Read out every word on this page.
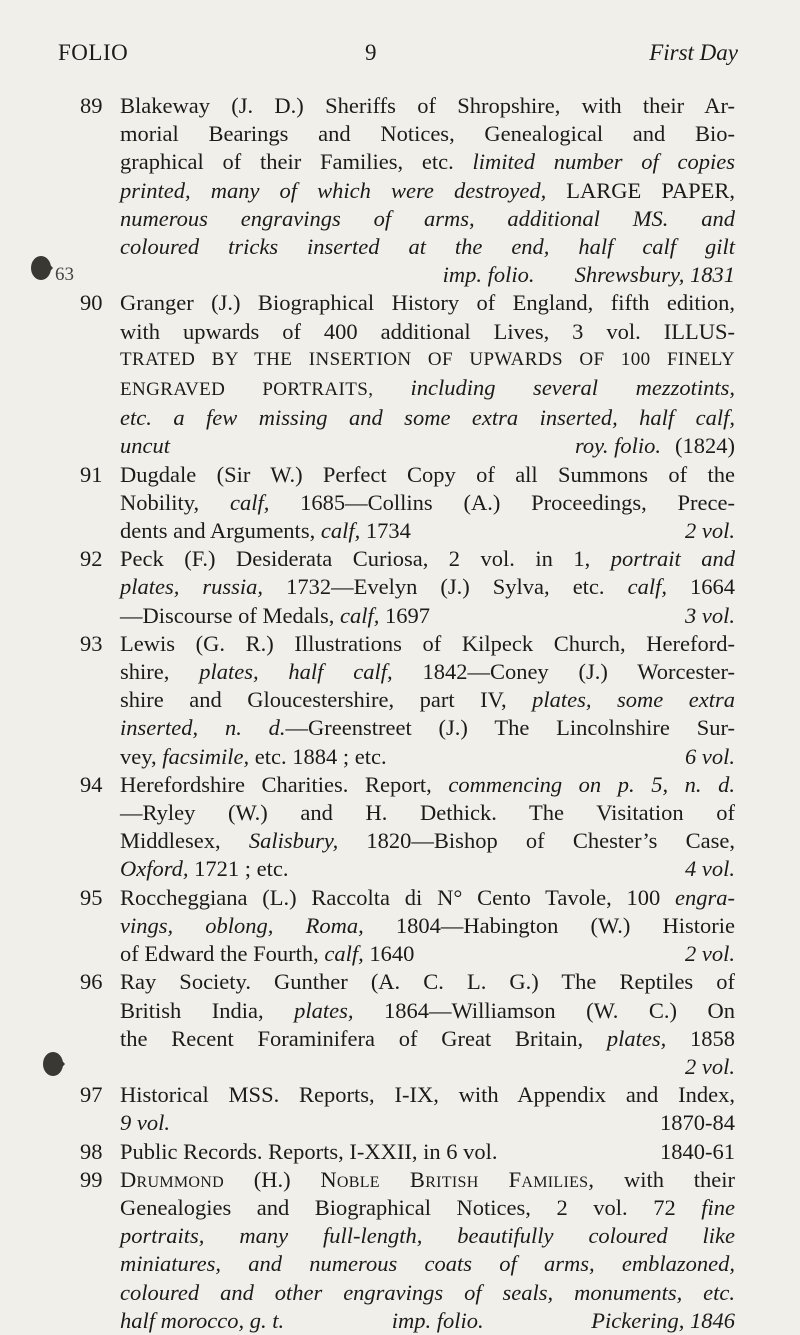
FOLIO	9	First Day
89 Blakeway (J. D.) Sheriffs of Shropshire, with their Ar-
morial Bearings and Notices, Genealogical and Bio-
graphical of their Families, etc. limited number of copies
printed, many of which were destroyed, LARGE PAPER,
numerous engravings of arms, additional MS. and
coloured tricks inserted at the end, half calf gilt
63	imp. folio. Shrewsbury, 1831
90 Granger (J.) Biographical History of England, fifth edition,
with upwards of 400 additional Lives, 3 vol. ILLUS-
TRATED BY THE INSERTION OF UPWARDS OF 100 FINELY
ENGRAVED PORTRAITS, including several mezzotints,
etc. a few missing and some extra inserted, half calf,
uncut	roy. folio. (1824)
91 Dugdale (Sir W.) Perfect Copy of all Summons of the
Nobility, calf, 1685—Collins (A.) Proceedings, Prece-
dents and Arguments, calf, 1734	2 vol.
92 Peck (F.) Desiderata Curiosa, 2 vol. in 1, portrait and
plates, russia, 1732—Evelyn (J.) Sylva, etc. calf, 1664
—Discourse of Medals, calf, 1697	3 vol.
93 Lewis (G. R.) Illustrations of Kilpeck Church, Hereford-
shire, plates, half calf, 1842—Coney (J.) Worcester-
shire and Gloucestershire, part IV, plates, some extra
inserted, n. d.—Greenstreet (J.) The Lincolnshire Sur-
vey, facsimile, etc. 1884 ; etc.	6 vol.
94 Herefordshire Charities. Report, commencing on p. 5, n. d.
—Ryley (W.) and H. Dethick. The Visitation of
Middlesex, Salisbury, 1820—Bishop of Chester’s Case,
Oxford, 1721 ; etc.	4 vol.
95 Roccheggiana (L.) Raccolta di N° Cento Tavole, 100 engra-
vings, oblong, Roma, 1804—Habington (W.) Historie
of Edward the Fourth, calf, 1640	2 vol.
96 Ray Society. Gunther (A. C. L. G.) The Reptiles of
British India, plates, 1864—Williamson (W. C.) On
the Recent Foraminifera of Great Britain, plates, 1858
2 vol.
97 Historical MSS. Reports, I-IX, with Appendix and Index,
9 vol.	1870-84
98 Public Records. Reports, I-XXII, in 6 vol.	1840-61
99 Drummond (H.) Noble British Families, with their
Genealogies and Biographical Notices, 2 vol. 72 fine
portraits, many full-length, beautifully coloured like
miniatures, and numerous coats of arms, emblazoned,
coloured and other engravings of seals, monuments, etc.
half morocco, g. t.	imp. folio.	Pickering, 1846
